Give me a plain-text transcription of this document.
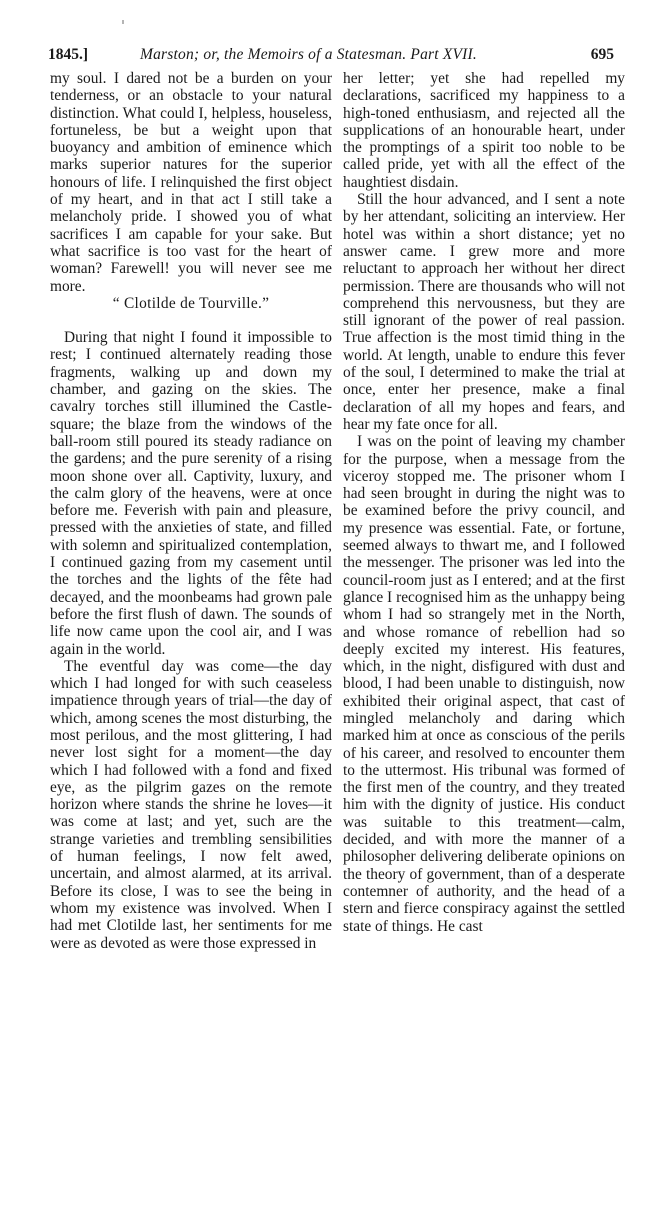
1845.]	Marston; or, the Memoirs of a Statesman. Part XVII.	695

my soul. I dared not be a burden on your tenderness, or an obstacle to your natural distinction. What could I, helpless, houseless, fortuneless, be but a weight upon that buoyancy and ambition of eminence which marks superior natures for the superior honours of life. I relinquished the first object of my heart, and in that act I still take a melancholy pride. I showed you of what sacrifices I am capable for your sake. But what sacrifice is too vast for the heart of woman? Farewell! you will never see me more.

“ Clotilde de Tourville.”

During that night I found it impossible to rest; I continued alternately reading those fragments, walking up and down my chamber, and gazing on the skies. The cavalry torches still illumined the Castle-square; the blaze from the windows of the ball-room still poured its steady radiance on the gardens; and the pure serenity of a rising moon shone over all. Captivity, luxury, and the calm glory of the heavens, were at once before me. Feverish with pain and pleasure, pressed with the anxieties of state, and filled with solemn and spiritualized contemplation, I continued gazing from my casement until the torches and the lights of the fête had decayed, and the moonbeams had grown pale before the first flush of dawn. The sounds of life now came upon the cool air, and I was again in the world.

The eventful day was come—the day which I had longed for with such ceaseless impatience through years of trial—the day of which, among scenes the most disturbing, the most perilous, and the most glittering, I had never lost sight for a moment—the day which I had followed with a fond and fixed eye, as the pilgrim gazes on the remote horizon where stands the shrine he loves—it was come at last; and yet, such are the strange varieties and trembling sensibilities of human feelings, I now felt awed, uncertain, and almost alarmed, at its arrival. Before its close, I was to see the being in whom my existence was involved. When I had met Clotilde last, her sentiments for me were as devoted as were those expressed in

her letter; yet she had repelled my declarations, sacrificed my happiness to a high-toned enthusiasm, and rejected all the supplications of an honourable heart, under the promptings of a spirit too noble to be called pride, yet with all the effect of the haughtiest disdain.

Still the hour advanced, and I sent a note by her attendant, soliciting an interview. Her hotel was within a short distance; yet no answer came. I grew more and more reluctant to approach her without her direct permission. There are thousands who will not comprehend this nervousness, but they are still ignorant of the power of real passion. True affection is the most timid thing in the world. At length, unable to endure this fever of the soul, I determined to make the trial at once, enter her presence, make a final declaration of all my hopes and fears, and hear my fate once for all.

I was on the point of leaving my chamber for the purpose, when a message from the viceroy stopped me. The prisoner whom I had seen brought in during the night was to be examined before the privy council, and my presence was essential. Fate, or fortune, seemed always to thwart me, and I followed the messenger. The prisoner was led into the council-room just as I entered; and at the first glance I recognised him as the unhappy being whom I had so strangely met in the North, and whose romance of rebellion had so deeply excited my interest. His features, which, in the night, disfigured with dust and blood, I had been unable to distinguish, now exhibited their original aspect, that cast of mingled melancholy and daring which marked him at once as conscious of the perils of his career, and resolved to encounter them to the uttermost. His tribunal was formed of the first men of the country, and they treated him with the dignity of justice. His conduct was suitable to this treatment—calm, decided, and with more the manner of a philosopher delivering deliberate opinions on the theory of government, than of a desperate contemner of authority, and the head of a stern and fierce conspiracy against the settled state of things. He cast
